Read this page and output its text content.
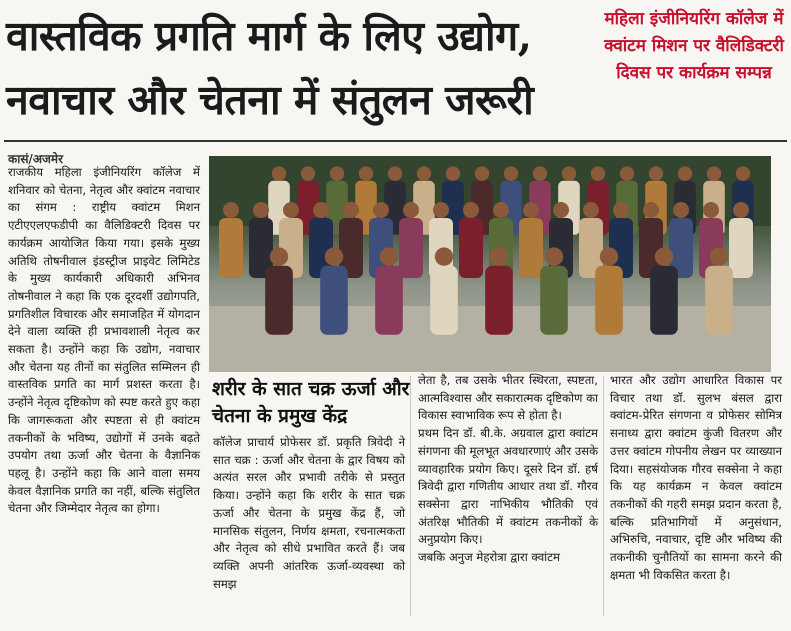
वास्तविक प्रगति मार्ग के लिए उद्योग,
नवाचार और चेतना में संतुलन जरूरी
महिला इंजीनियरिंग कॉलेज में क्वांटम मिशन पर वैलिडिक्टरी दिवस पर कार्यक्रम सम्पन्न
कासं/अजमेर
राजकीय महिला इंजीनियरिंग कॉलेज में शनिवार को चेतना, नेतृत्व और क्वांटम नवाचार का संगम : राष्ट्रीय क्वांटम मिशन एटीएएलएफडीपी का वैलिडिक्टरी दिवस पर कार्यक्रम आयोजित किया गया। इसके मुख्य अतिथि तोषनीवाल इंडस्ट्रीज प्राइवेट लिमिटेड के मुख्य कार्यकारी अधिकारी अभिनव तोषनीवाल ने कहा कि एक दूरदर्शी उद्योगपति, प्रगतिशील विचारक और समाजहित में योगदान देने वाला व्यक्ति ही प्रभावशाली नेतृत्व कर सकता है। उन्होंने कहा कि उद्योग, नवाचार और चेतना यह तीनों का संतुलित सम्मिलन ही वास्तविक प्रगति का मार्ग प्रशस्त करता है। उन्होंने नेतृत्व दृष्टिकोण को स्पष्ट करते हुए कहा कि जागरूकता और स्पष्टता से ही क्वांटम तकनीकों के भविष्य, उद्योगों में उनके बढ़ते उपयोग तथा ऊर्जा और चेतना के वैज्ञानिक पहलू है। उन्होंने कहा कि आने वाला समय केवल वैज्ञानिक प्रगति का नहीं, बल्कि संतुलित चेतना और जिम्मेदार नेतृत्व का होगा।
शरीर के सात चक्र ऊर्जा और चेतना के प्रमुख केंद्र
कॉलेज प्राचार्य प्रोफेसर डॉ. प्रकृति त्रिवेदी ने सात चक्र : ऊर्जा और चेतना के द्वार विषय को अत्यंत सरल और प्रभावी तरीके से प्रस्तुत किया। उन्होंने कहा कि शरीर के सात चक्र ऊर्जा और चेतना के प्रमुख केंद्र हैं, जो मानसिक संतुलन, निर्णय क्षमता, रचनात्मकता और नेतृत्व को सीधे प्रभावित करते हैं। जब व्यक्ति अपनी आंतरिक ऊर्जा-व्यवस्था को समझ
लेता है, तब उसके भीतर स्थिरता, स्पष्टता, आत्मविश्वास और सकारात्मक दृष्टिकोण का विकास स्वाभाविक रूप से होता है।
प्रथम दिन डॉ. बी.के. अग्रवाल द्वारा क्वांटम संगणना की मूलभूत अवधारणाएं और उसके व्यावहारिक प्रयोग किए। दूसरे दिन डॉ. हर्ष त्रिवेदी द्वारा गणितीय आधार तथा डॉ. गौरव सक्सेना द्वारा नाभिकीय भौतिकी एवं अंतरिक्ष भौतिकी में क्वांटम तकनीकों के अनुप्रयोग किए।
जबकि अनुज मेहरोत्रा द्वारा क्वांटम
भारत और उद्योग आधारित विकास पर विचार तथा डॉ. सुलभ बंसल द्वारा क्वांटम-प्रेरित संगणना व प्रोफेसर सोमित्र सनाध्य द्वारा क्वांटम कुंजी वितरण और उत्तर क्वांटम गोपनीय लेखन पर व्याख्यान दिया। सहसंयोजक गौरव सक्सेना ने कहा कि यह कार्यक्रम न केवल क्वांटम तकनीकों की गहरी समझ प्रदान करता है, बल्कि प्रतिभागियों में अनुसंधान, अभिरुचि, नवाचार, दृष्टि और भविष्य की तकनीकी चुनौतियों का सामना करने की क्षमता भी विकसित करता है।
